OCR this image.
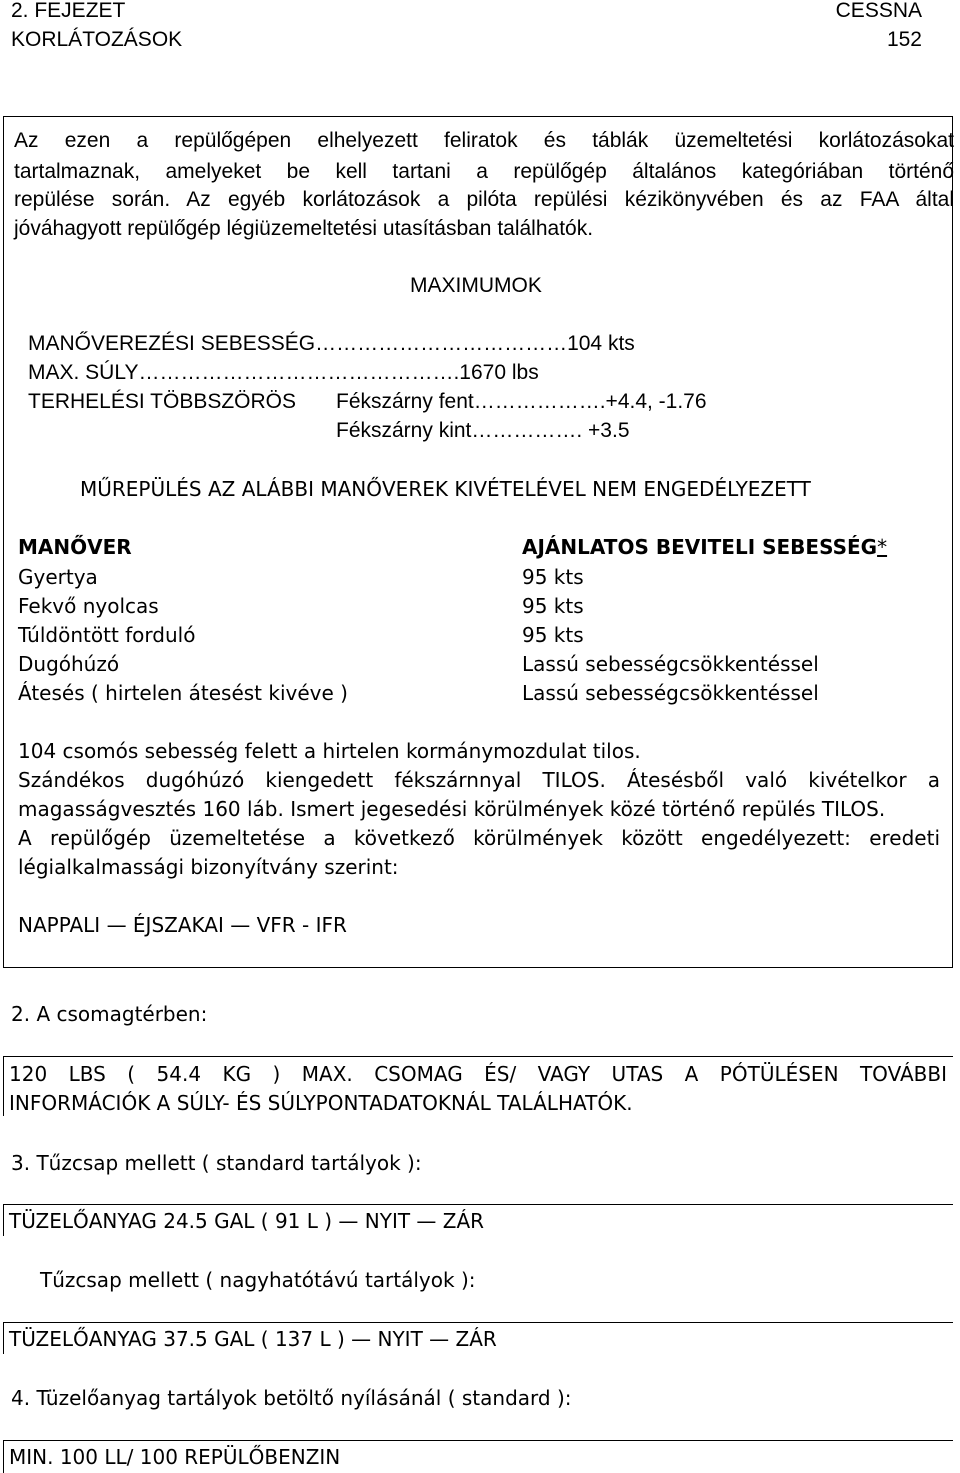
2. FEJEZET	CESSNA
KORLÁTOZÁSOK	152
Az ezen a repülőgépen elhelyezett feliratok és táblák üzemeltetési korlátozásokat
tartalmaznak, amelyeket be kell tartani a repülőgép általános kategóriában történő
repülése során. Az egyéb korlátozások a pilóta repülési kézikönyvében és az FAA által
jóváhagyott repülőgép légiüzemeltetési utasításban találhatók.
MAXIMUMOK
MANŐVEREZÉSI SEBESSÉG………………………………104 kts
MAX. SÚLY……………………………………….1670 lbs
TERHELÉSI TÖBBSZÖRÖS Fékszárny fent……………….+4.4, -1.76
Fékszárny kint……………. +3.5
MŰREPÜLÉS AZ ALÁBBI MANŐVEREK KIVÉTELÉVEL NEM ENGEDÉLYEZETT
MANŐVER	AJÁNLATOS BEVITELI SEBESSÉG*
Gyertya	95 kts
Fekvő nyolcas	95 kts
Túldöntött forduló	95 kts
Dugóhúzó	Lassú sebességcsökkentéssel
Átesés ( hirtelen átesést kivéve )	Lassú sebességcsökkentéssel
104 csomós sebesség felett a hirtelen kormánymozdulat tilos.
Szándékos dugóhúzó kiengedett fékszárnnyal TILOS. Átesésből való kivételkor a
magasságvesztés 160 láb. Ismert jegesedési körülmények közé történő repülés TILOS.
A repülőgép üzemeltetése a következő körülmények között engedélyezett: eredeti
légialkalmassági bizonyítvány szerint:
NAPPALI — ÉJSZAKAI — VFR - IFR
2. A csomagtérben:
120 LBS ( 54.4 KG ) MAX. CSOMAG ÉS/ VAGY UTAS A PÓTÜLÉSEN TOVÁBBI
INFORMÁCIÓK A SÚLY- ÉS SÚLYPONTADATOKNÁL TALÁLHATÓK.
3. Tűzcsap mellett ( standard tartályok ):
TÜZELŐANYAG 24.5 GAL ( 91 L ) — NYIT — ZÁR
Tűzcsap mellett ( nagyhatótávú tartályok ):
TÜZELŐANYAG 37.5 GAL ( 137 L ) — NYIT — ZÁR
4. Tüzelőanyag tartályok betöltő nyílásánál ( standard ):
MIN. 100 LL/ 100 REPÜLŐBENZIN
